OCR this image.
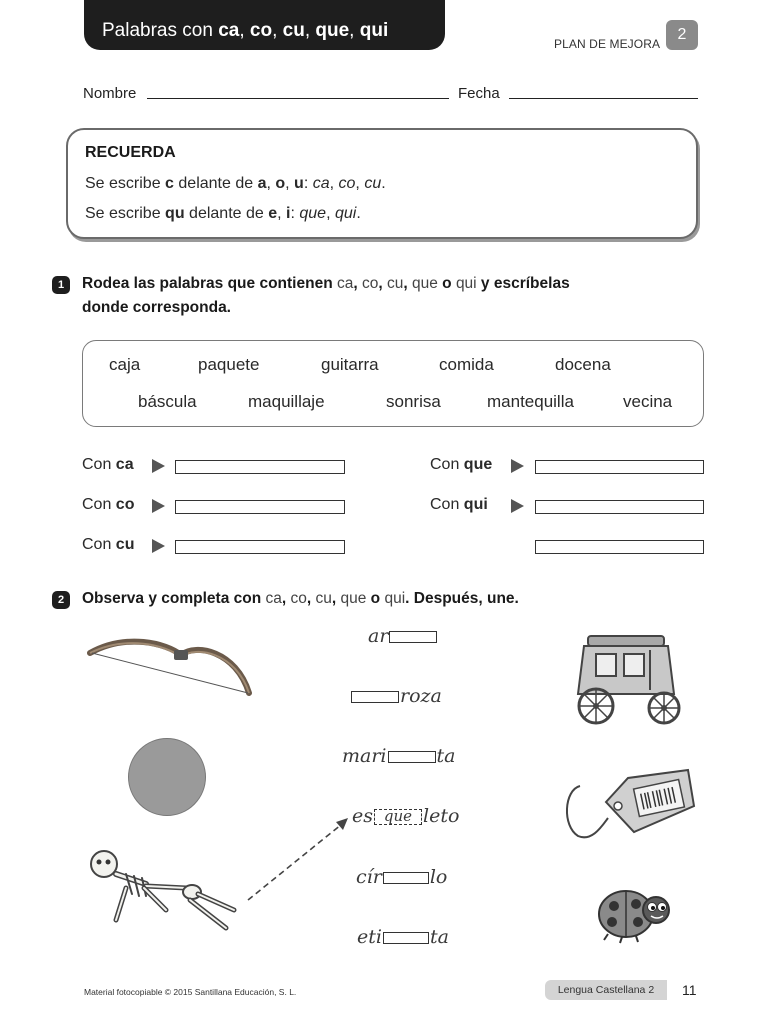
Palabras con ca, co, cu, que, qui
PLAN DE MEJORA
2
Nombre	Fecha
RECUERDA
Se escribe c delante de a, o, u: ca, co, cu.
Se escribe qu delante de e, i: que, qui.
1	Rodea las palabras que contienen ca, co, cu, que o qui y escríbelas
donde corresponda.
caja	paquete	guitarra	comida	docena
báscula	maquillaje	sonrisa	mantequilla	vecina
Con ca
Con co
Con cu
Con que
Con qui
2	Observa y completa con ca, co, cu, que o qui. Después, une.
ar
roza
mari	ta
es que leto
cír	lo
eti	ta
Material fotocopiable © 2015 Santillana Educación, S. L.	Lengua Castellana 2	11
